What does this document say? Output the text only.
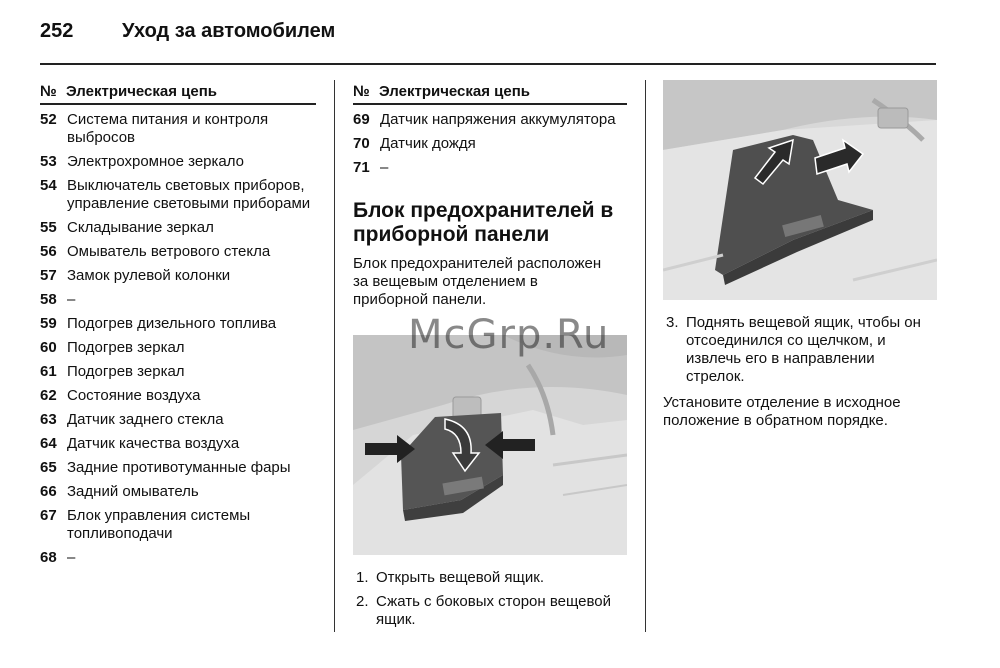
252 Уход за автомобилем
№ Электрическая цепь
52 Система питания и контроля выбросов
53 Электрохромное зеркало
54 Выключатель световых приборов, управление световыми приборами
55 Складывание зеркал
56 Омыватель ветрового стекла
57 Замок рулевой колонки
58 –
59 Подогрев дизельного топлива
60 Подогрев зеркал
61 Подогрев зеркал
62 Состояние воздуха
63 Датчик заднего стекла
64 Датчик качества воздуха
65 Задние противотуманные фары
66 Задний омыватель
67 Блок управления системы топливоподачи
68 –
№ Электрическая цепь
69 Датчик напряжения аккумулятора
70 Датчик дождя
71 –
Блок предохранителей в приборной панели

Блок предохранителей расположен за вещевым отделением в приборной панели.

1. Открыть вещевой ящик.
2. Сжать с боковых сторон вещевой ящик.
3. Поднять вещевой ящик, чтобы он отсоединился со щелчком, и извлечь его в направлении стрелок.

Установите отделение в исходное положение в обратном порядке.

McGrp.Ru
